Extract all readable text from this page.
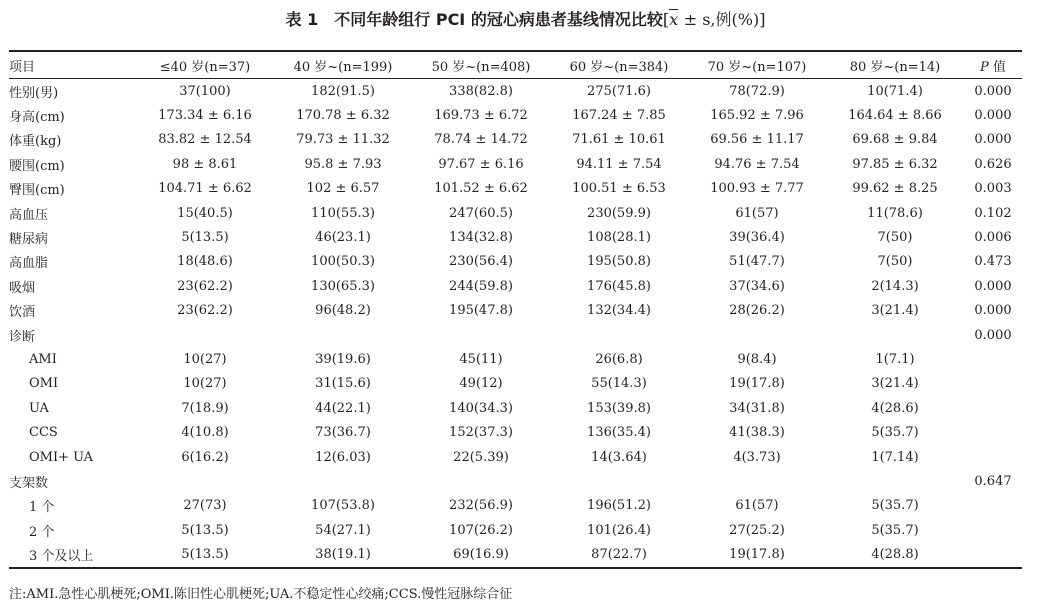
表 1 不同年龄组行 PCI 的冠心病患者基线情况比较[$\overline{x} \pm s$,例(%)]
项目	≤40 岁(n=37)	40 岁~(n=199)	50 岁~(n=408)	60 岁~(n=384)	70 岁~(n=107)	80 岁~(n=14)	P 值
性别(男)	37(100)	182(91.5)	338(82.8)	275(71.6)	78(72.9)	10(71.4)	0.000
身高(cm)	173.34 ± 6.16	170.78 ± 6.32	169.73 ± 6.72	167.24 ± 7.85	165.92 ± 7.96	164.64 ± 8.66	0.000
体重(kg)	83.82 ± 12.54	79.73 ± 11.32	78.74 ± 14.72	71.61 ± 10.61	69.56 ± 11.17	69.68 ± 9.84	0.000
腰围(cm)	98 ± 8.61	95.8 ± 7.93	97.67 ± 6.16	94.11 ± 7.54	94.76 ± 7.54	97.85 ± 6.32	0.626
臀围(cm)	104.71 ± 6.62	102 ± 6.57	101.52 ± 6.62	100.51 ± 6.53	100.93 ± 7.77	99.62 ± 8.25	0.003
高血压	15(40.5)	110(55.3)	247(60.5)	230(59.9)	61(57)	11(78.6)	0.102
糖尿病	5(13.5)	46(23.1)	134(32.8)	108(28.1)	39(36.4)	7(50)	0.006
高血脂	18(48.6)	100(50.3)	230(56.4)	195(50.8)	51(47.7)	7(50)	0.473
吸烟	23(62.2)	130(65.3)	244(59.8)	176(45.8)	37(34.6)	2(14.3)	0.000
饮酒	23(62.2)	96(48.2)	195(47.8)	132(34.4)	28(26.2)	3(21.4)	0.000
诊断							0.000
AMI	10(27)	39(19.6)	45(11)	26(6.8)	9(8.4)	1(7.1)	
OMI	10(27)	31(15.6)	49(12)	55(14.3)	19(17.8)	3(21.4)	
UA	7(18.9)	44(22.1)	140(34.3)	153(39.8)	34(31.8)	4(28.6)	
CCS	4(10.8)	73(36.7)	152(37.3)	136(35.4)	41(38.3)	5(35.7)	
OMI+ UA	6(16.2)	12(6.03)	22(5.39)	14(3.64)	4(3.73)	1(7.14)	
支架数							0.647
1 个	27(73)	107(53.8)	232(56.9)	196(51.2)	61(57)	5(35.7)	
2 个	5(13.5)	54(27.1)	107(26.2)	101(26.4)	27(25.2)	5(35.7)	
3 个及以上	5(13.5)	38(19.1)	69(16.9)	87(22.7)	19(17.8)	4(28.8)	
注:AMI.急性心肌梗死;OMI.陈旧性心肌梗死;UA.不稳定性心绞痛;CCS.慢性冠脉综合征
